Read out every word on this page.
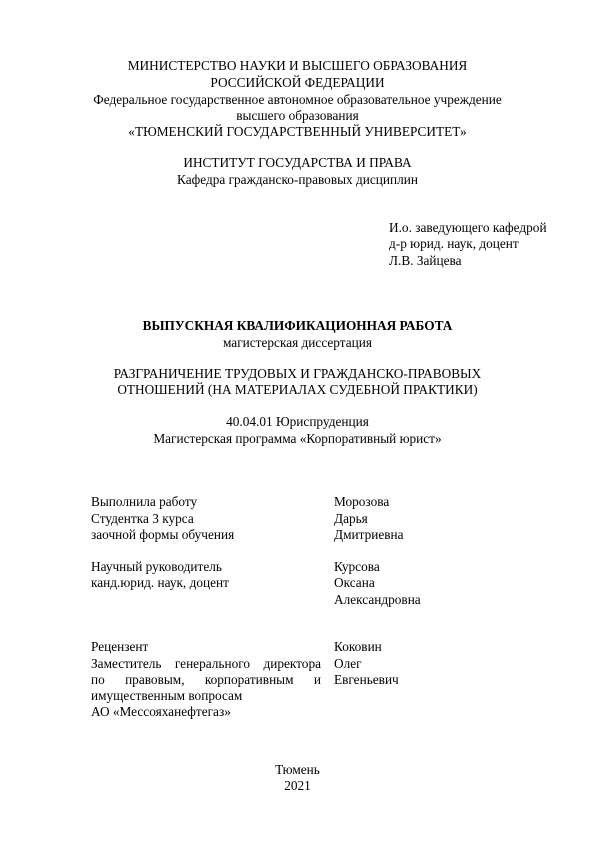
МИНИСТЕРСТВО НАУКИ И ВЫСШЕГО ОБРАЗОВАНИЯ
РОССИЙСКОЙ ФЕДЕРАЦИИ
Федеральное государственное автономное образовательное учреждение
высшего образования
«ТЮМЕНСКИЙ ГОСУДАРСТВЕННЫЙ УНИВЕРСИТЕТ»
ИНСТИТУТ ГОСУДАРСТВА И ПРАВА
Кафедра гражданско-правовых дисциплин
И.о. заведующего кафедрой
д-р юрид. наук, доцент
Л.В. Зайцева
ВЫПУСКНАЯ КВАЛИФИКАЦИОННАЯ РАБОТА
магистерская диссертация
РАЗГРАНИЧЕНИЕ ТРУДОВЫХ И ГРАЖДАНСКО-ПРАВОВЫХ
ОТНОШЕНИЙ (НА МАТЕРИАЛАХ СУДЕБНОЙ ПРАКТИКИ)
40.04.01 Юриспруденция
Магистерская программа «Корпоративный юрист»
Выполнила работу
Студентка 3 курса
заочной формы обучения
Морозова
Дарья
Дмитриевна
Научный руководитель
канд.юрид. наук, доцент
Курсова
Оксана
Александровна
Рецензент
Заместитель генерального директора
по правовым, корпоративным и
имущественным вопросам
АО «Мессояханефтегаз»
Коковин
Олег
Евгеньевич
Тюмень
2021
